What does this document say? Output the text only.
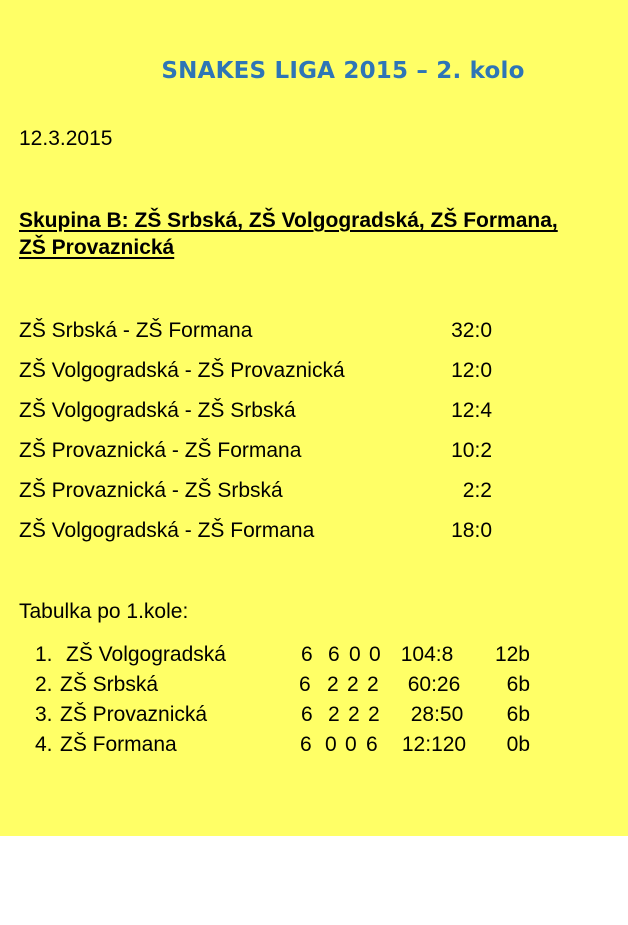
SNAKES LIGA 2015 – 2. kolo
12.3.2015
Skupina B: ZŠ Srbská, ZŠ Volgogradská, ZŠ Formana, ZŠ Provaznická
ZŠ Srbská - ZŠ Formana	32:0
ZŠ Volgogradská - ZŠ Provaznická	12:0
ZŠ Volgogradská - ZŠ Srbská	12:4
ZŠ Provaznická - ZŠ Formana	10:2
ZŠ Provaznická - ZŠ Srbská	2:2
ZŠ Volgogradská - ZŠ Formana	18:0
Tabulka po 1.kole:
1. ZŠ Volgogradská	6 6 0 0 104:8	12b
2. ZŠ Srbská	6 2 2 2	60:26	6b
3. ZŠ Provaznická	6 2 2 2	28:50	6b
4. ZŠ Formana	6 0 0 6	12:120	0b
